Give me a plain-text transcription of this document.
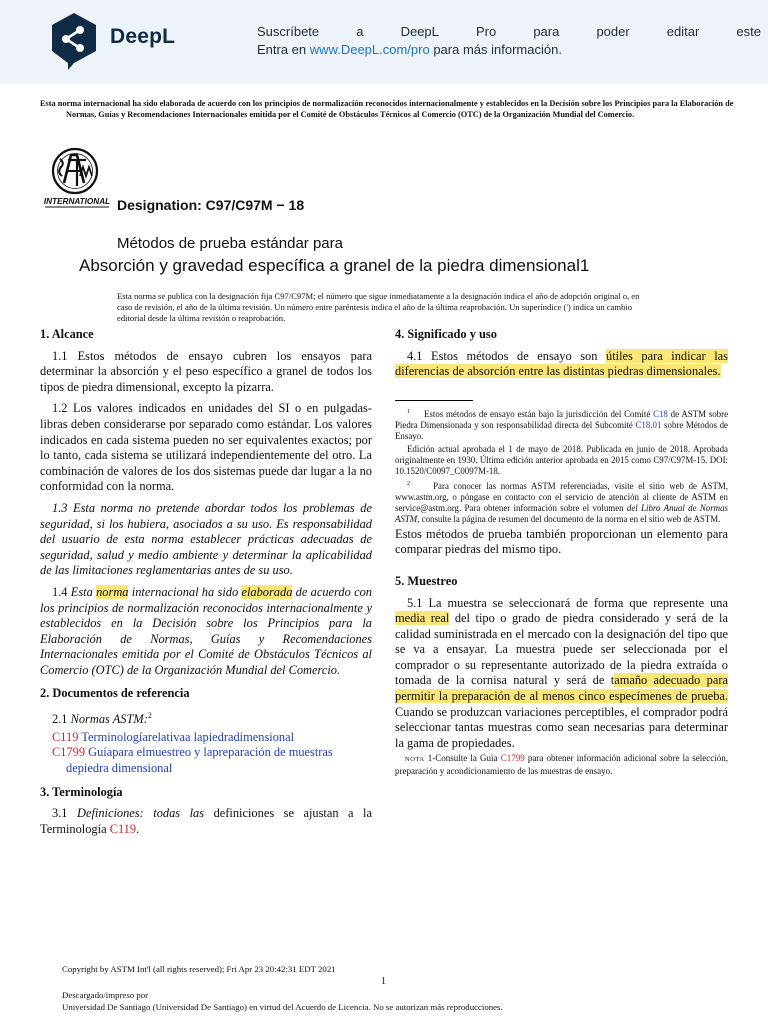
DeepL	Suscríbete	a	DeepL	Pro	para	poder	editar	este
Entra en www.DeepL.com/pro para más información.

Esta norma internacional ha sido elaborada de acuerdo con los principios de normalización reconocidos internacionalmente y establecidos en la Decisión sobre los Principios para la Elaboración de Normas, Guías y Recomendaciones Internacionales emitida por el Comité de Obstáculos Técnicos al Comercio (OTC) de la Organización Mundial del Comercio.

INTERNATIONAL Designation: C97/C97M − 18
Métodos de prueba estándar para
Absorción y gravedad específica a granel de la piedra dimensional1
Esta norma se publica con la designación fija C97/C97M; el número que sigue inmediatamente a la designación indica el año de adopción original o, en caso de revisión, el año de la última revisión. Un número entre paréntesis indica el año de la última reaprobación. Un superíndice (') indica un cambio editorial desde la última revisión o reaprobación.
1. Alcance

1.1 Estos métodos de ensayo cubren los ensayos para determinar la absorción y el peso específico a granel de todos los tipos de piedra dimensional, excepto la pizarra.

1.2 Los valores indicados en unidades del SI o en pulgadas-libras deben considerarse por separado como estándar. Los valores indicados en cada sistema pueden no ser equivalentes exactos; por lo tanto, cada sistema se utilizará independientemente del otro. La combinación de valores de los dos sistemas puede dar lugar a la no conformidad con la norma.

1.3 Esta norma no pretende abordar todos los problemas de seguridad, si los hubiera, asociados a su uso. Es responsabilidad del usuario de esta norma establecer prácticas adecuadas de seguridad, salud y medio ambiente y determinar la aplicabilidad de las limitaciones reglamentarias antes de su uso.

1.4 Esta norma internacional ha sido elaborada de acuerdo con los principios de normalización reconocidos internacionalmente y establecidos en la Decisión sobre los Principios para la Elaboración de Normas, Guías y Recomendaciones Internacionales emitida por el Comité de Obstáculos Técnicos al Comercio (OTC) de la Organización Mundial del Comercio.

2. Documentos de referencia

2.1 Normas ASTM:$^2$

C119 Terminologíarelativaa lapiedradimensional

C1799 Guíapara elmuestreo y lapreparación de muestras depiedra dimensional

3. Terminología

3.1 Definiciones: todas las definiciones se ajustan a la Terminología C119.

4. Significado y uso

4.1 Estos métodos de ensayo son útiles para indicar las diferencias de absorción entre las distintas piedras dimensionales.

$^1$ Estos métodos de ensayo están bajo la jurisdicción del Comité C18 de ASTM sobre Piedra Dimensionada y son responsabilidad directa del Subcomité C18.01 sobre Métodos de Ensayo.

Edición actual aprobada el 1 de mayo de 2018. Publicada en junio de 2018. Aprobada originalmente en 1930. Última edición anterior aprobada en 2015 como C97/C97M-15. DOI: 10.1520/C0097_C0097M-18.

$^2$	Para conocer las normas ASTM referenciadas, visite el sitio web de ASTM, www.astm.org, o póngase en contacto con el servicio de atención al cliente de ASTM en service@astm.org. Para obtener información sobre el volumen del Libro Anual de Normas ASTM, consulte la página de resumen del documento de la norma en el sitio web de ASTM.

Estos métodos de prueba también proporcionan un elemento para comparar piedras del mismo tipo.

5. Muestreo

5.1 La muestra se seleccionará de forma que represente una media real del tipo o grado de piedra considerado y será de la calidad suministrada en el mercado con la designación del tipo que se va a ensayar. La muestra puede ser seleccionada por el comprador o su representante autorizado de la piedra extraída o tomada de la cornisa natural y será de tamaño adecuado para permitir la preparación de al menos cinco especímenes de prueba. Cuando se produzcan variaciones perceptibles, el comprador podrá seleccionar tantas muestras como sean necesarias para determinar la gama de propiedades.

NOTA 1-Consulte la Guía C1799 para obtener información adicional sobre la selección, preparación y acondicionamiento de las muestras de ensayo.

Copyright by ASTM Int'l (all rights reserved); Fri Apr 23 20:42:31 EDT 2021
1
Descargado/impreso por
Universidad De Santiago (Universidad De Santiago) en virtud del Acuerdo de Licencia. No se autorizan más reproducciones.
